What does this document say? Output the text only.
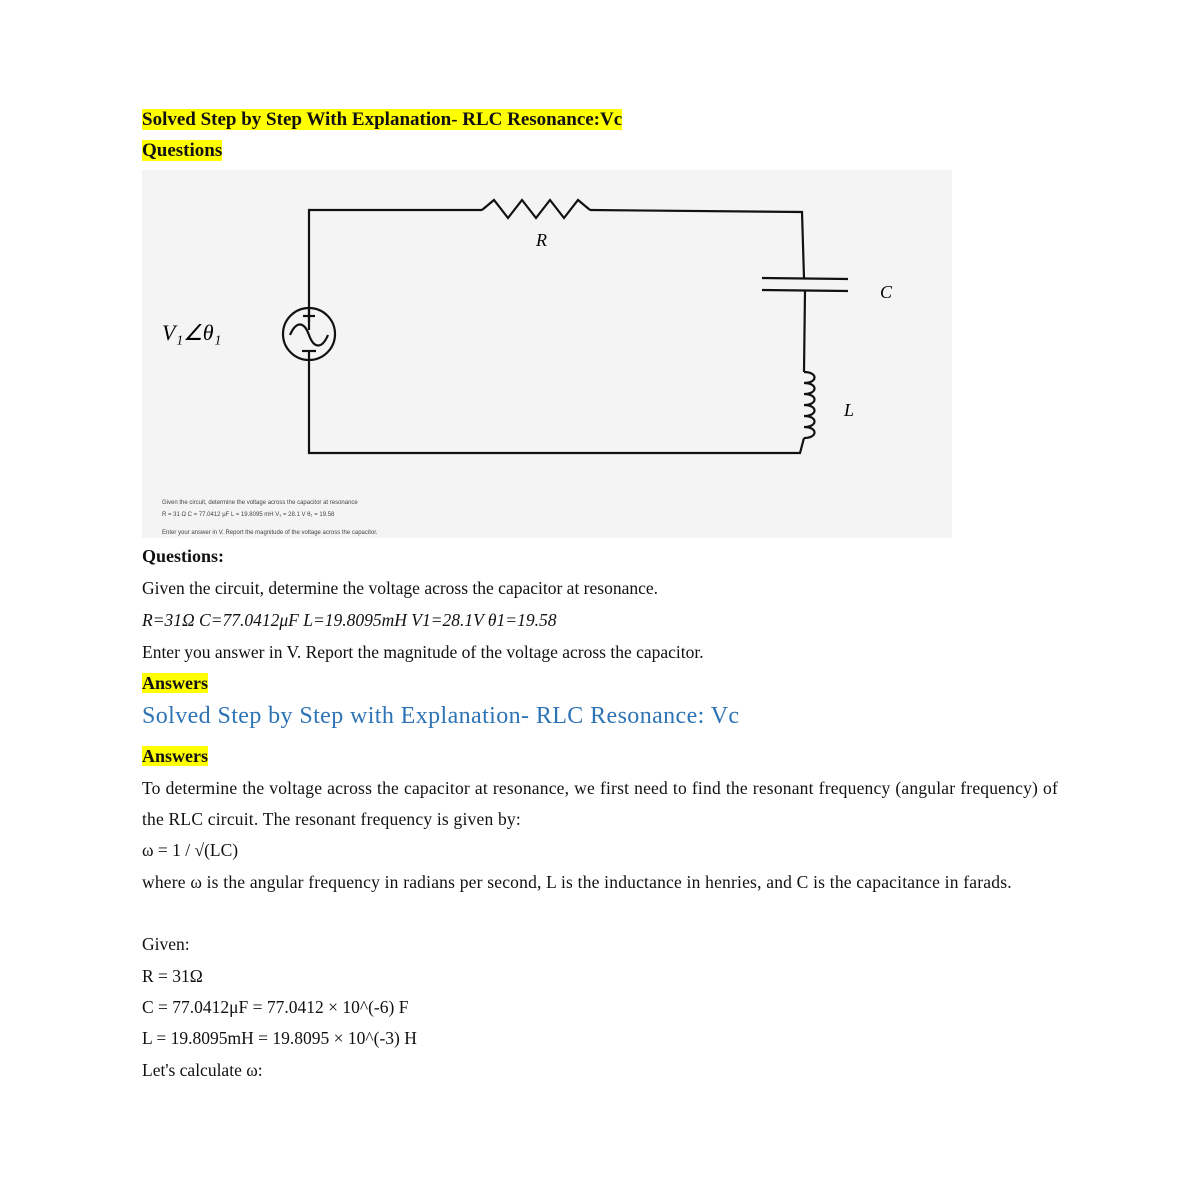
Solved Step by Step With Explanation- RLC Resonance:Vc
Questions
R
C
L
V₁∠θ₁
Given the circuit, determine the voltage across the capacitor at resonance
R = 31 Ω C = 77.0412 µF L = 19.8095 mH V₁ = 28.1 V θ₁ = 19.58
Enter your answer in V. Report the magnitude of the voltage across the capacitor.
Questions:
Given the circuit, determine the voltage across the capacitor at resonance.
R=31Ω C=77.0412μF L=19.8095mH V1=28.1V θ1=19.58
Enter you answer in V. Report the magnitude of the voltage across the capacitor.
Answers
Solved Step by Step with Explanation- RLC Resonance: Vc
Answers
To determine the voltage across the capacitor at resonance, we first need to find the resonant frequency (angular frequency) of the RLC circuit. The resonant frequency is given by:
ω = 1 / √(LC)
where ω is the angular frequency in radians per second, L is the inductance in henries, and C is the capacitance in farads.
Given:
R = 31Ω
C = 77.0412μF = 77.0412 × 10^(-6) F
L = 19.8095mH = 19.8095 × 10^(-3) H
Let's calculate ω:
